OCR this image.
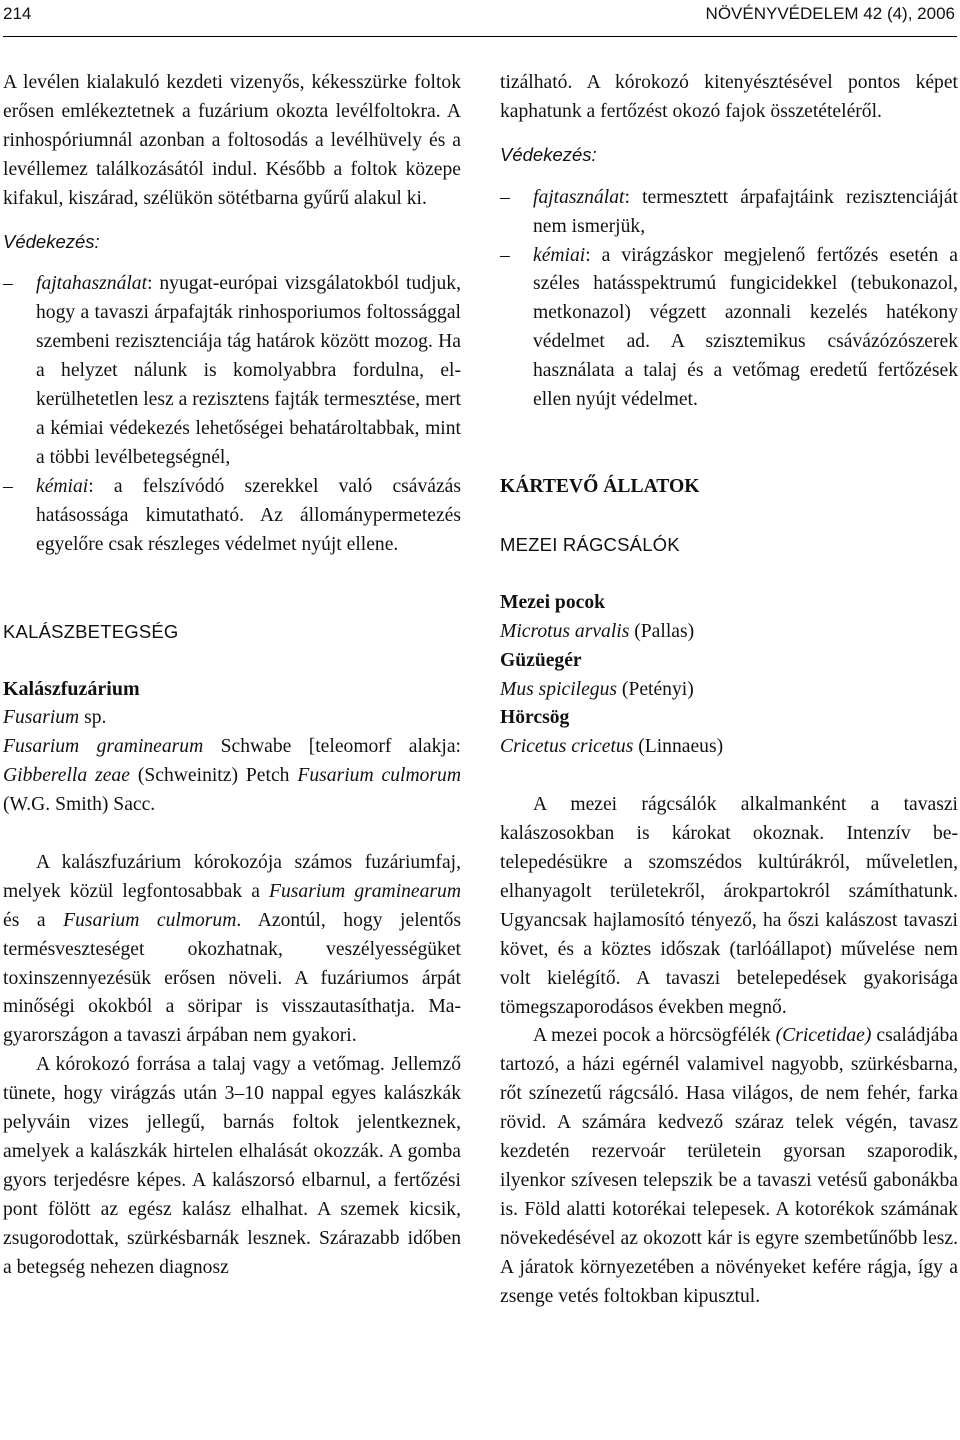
214	NÖVÉNYVÉDELEM 42 (4), 2006

A levélen kialakuló kezdeti vizenyős, kékesszürke foltok erősen emlékeztetnek a fuzárium okozta levélfoltokra. A rinhospóriumnál azonban a foltosodás a levélhüvely és a levéllemez találkozásától indul. Később a foltok közepe kifakul, kiszárad, szélükön sötétbarna gyűrű alakul ki.

Védekezés:
– fajtahasználat: nyugat-európai vizsgálatokból tudjuk, hogy a tavaszi árpafajták rinhosporiumos foltossággal szembeni rezisztenciája tág határok között mozog. Ha a helyzet nálunk is komolyabbra fordulna, elkerülhetetlen lesz a rezisztens fajták termesztése, mert a kémiai védekezés lehetőségei behatároltabbak, mint a többi levélbetegségnél,
– kémiai: a felszívódó szerekkel való csávázás hatásossága kimutatható. Az állománypermetezés egyelőre csak részleges védelmet nyújt ellene.
KALÁSZBETEGSÉG
Kalászfuzárium
Fusarium sp.

Fusarium graminearum Schwabe [teleomorf alakja: Gibberella zeae (Schweinitz) Petch Fusarium culmorum (W.G. Smith) Sacc.

A kalászfuzárium kórokozója számos fuzáriumfaj, melyek közül legfontosabbak a Fusarium graminearum és a Fusarium culmorum. Azontúl, hogy jelentős termésveszteséget okozhatnak, veszélyességüket toxinszennyezésük erősen növeli. A fuzáriumos árpát minőségi okokból a söripar is visszautasíthatja. Magyarországon a tavaszi árpában nem gyakori.

A kórokozó forrása a talaj vagy a vetőmag. Jellemző tünete, hogy virágzás után 3–10 nappal egyes kalászkák pelyváin vizes jellegű, barnás foltok jelentkeznek, amelyek a kalászkák hirtelen elhalását okozzák. A gomba gyors terjedésre képes. A kalászorsó elbarnul, a fertőzési pont fölött az egész kalász elhalhat. A szemek kicsik, zsugorodottak, szürkésbarnák lesznek. Szárazabb időben a betegség nehezen diagnosz

tizálható. A kórokozó kitenyésztésével pontos képet kaphatunk a fertőzést okozó fajok összetételéről.

Védekezés:
– fajtasználat: termesztett árpafajtáink rezisztenciáját nem ismerjük,
– kémiai: a virágzáskor megjelenő fertőzés esetén a széles hatásspektrumú fungicidekkel (tebukonazol, metkonazol) végzett azonnali kezelés hatékony védelmet ad. A szisztemikus csávázózószerek használata a talaj és a vetőmag eredetű fertőzések ellen nyújt védelmet.
KÁRTEVŐ ÁLLATOK
MEZEI RÁGCSÁLÓK
Mezei pocok
Microtus arvalis (Pallas)
Güzüegér
Mus spicilegus (Petényi)
Hörcsög
Cricetus cricetus (Linnaeus)

A mezei rágcsálók alkalmanként a tavaszi kalászosokban is károkat okoznak. Intenzív betelepedésükre a szomszédos kultúrákról, műveletlen, elhanyagolt területekről, árokpartokról számíthatunk. Ugyancsak hajlamosító tényező, ha őszi kalászost tavaszi követ, és a köztes időszak (tarlóállapot) művelése nem volt kielégítő. A tavaszi betelepedések gyakorisága tömegszaporodásos években megnő.

A mezei pocok a hörcsögfélék (Cricetidae) családjába tartozó, a házi egérnél valamivel nagyobb, szürkésbarna, rőt színezetű rágcsáló. Hasa világos, de nem fehér, farka rövid. A számára kedvező száraz telek végén, tavasz kezdetén rezervoár területein gyorsan szaporodik, ilyenkor szívesen telepszik be a tavaszi vetésű gabonákba is. Föld alatti kotorékai telepesek. A kotorékok számának növekedésével az okozott kár is egyre szembetűnőbb lesz. A járatok környezetében a növényeket kefére rágja, így a zsenge vetés foltokban kipusztul.
